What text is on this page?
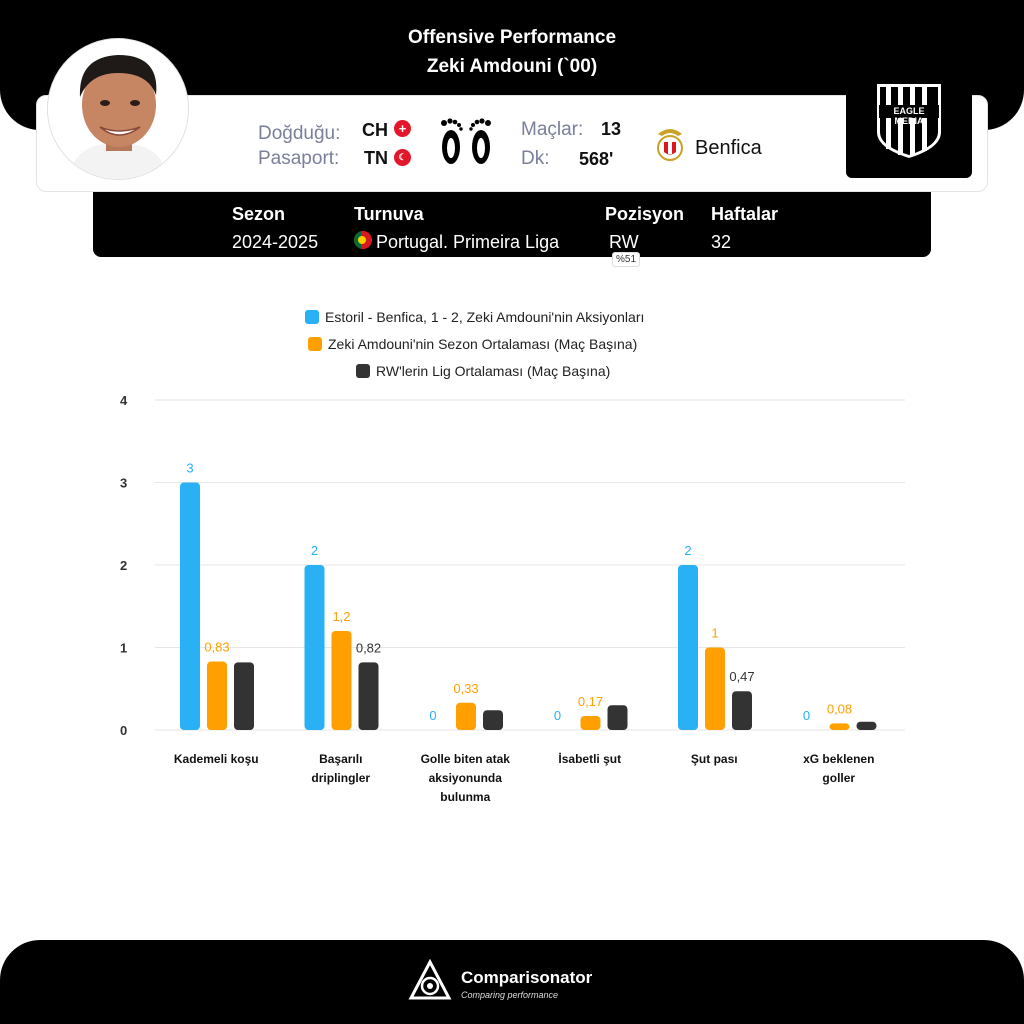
Offensive Performance
Zeki Amdouni (`00)
Doğduğu: CH +
Pasaport: TN	☾
Maçlar: 13
Dk: 568'	Benfica
EAGLE MEDIA
Sezon	Turnuva	Pozisyon Haftalar
2024-2025	Portugal. Primeira Liga	RW	32
%51
Estoril - Benfica, 1 - 2, Zeki Amdouni'nin Aksiyonları
Zeki Amdouni'nin Sezon Ortalaması (Maç Başına)
RW'lerin Lig Ortalaması (Maç Başına)
0
1
2
3
4
3
0,83
Kademeli koşu
2
1,2
0,82
Başarılı
driplingler
0
0,33
Golle biten atak
aksiyonunda
bulunma
0
0,17
İsabetli şut
2
1
0,47
Şut pası
0 0,08
xG beklenen
goller
Comparisonator
Comparing performance
